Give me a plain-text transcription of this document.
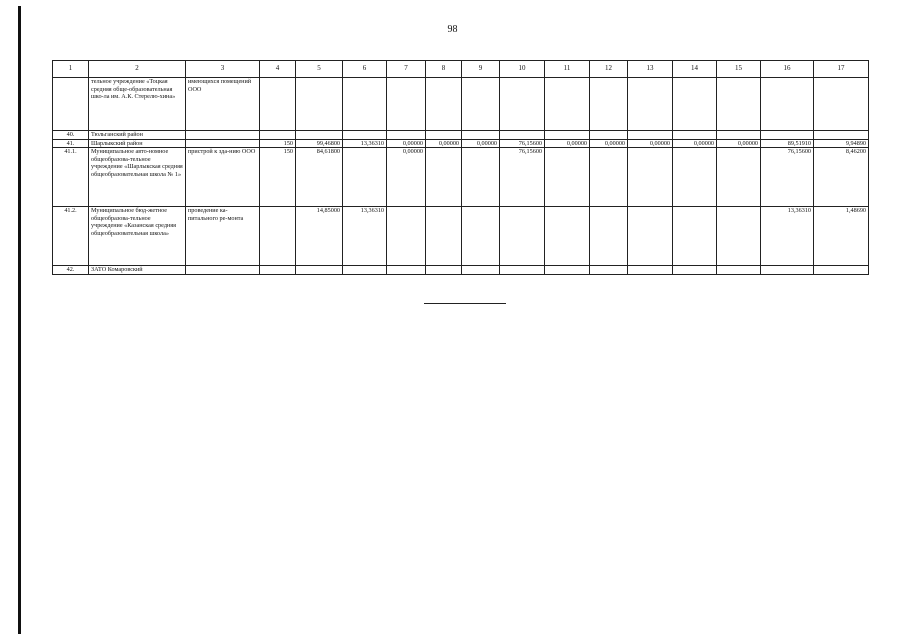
98
1	2	3	4	5	6	7	8	9	10	11	12	13	14	15	16	17
	тельное учреждение «Тоцкая средняя обще-образовательная шко-ла им. А.К. Стерелю-хина»	имеющихся помещений ООО														
40.	Тюльганский район															
41.	Шарлыкский район		150	99,46800	13,36310	0,00000	0,00000	0,00000	76,15600	0,00000	0,00000	0,00000	0,00000	0,00000	89,51910	9,94890
41.1.	Муниципальное авто-номное общеобразова-тельное учреждение «Шарлыкская средняя общеобразовательная школа № 1»	пристрой к зда-нию ООО	150	84,61800		0,00000			76,15600						76,15600	8,46200
41.2.	Муниципальное бюд-жетное общеобразова-тельное учреждение «Казанская средняя общеобразовательная школа»	проведение ка-питального ре-монта		14,85000	13,36310										13,36310	1,48690
42.	ЗАТО Комаровский															
